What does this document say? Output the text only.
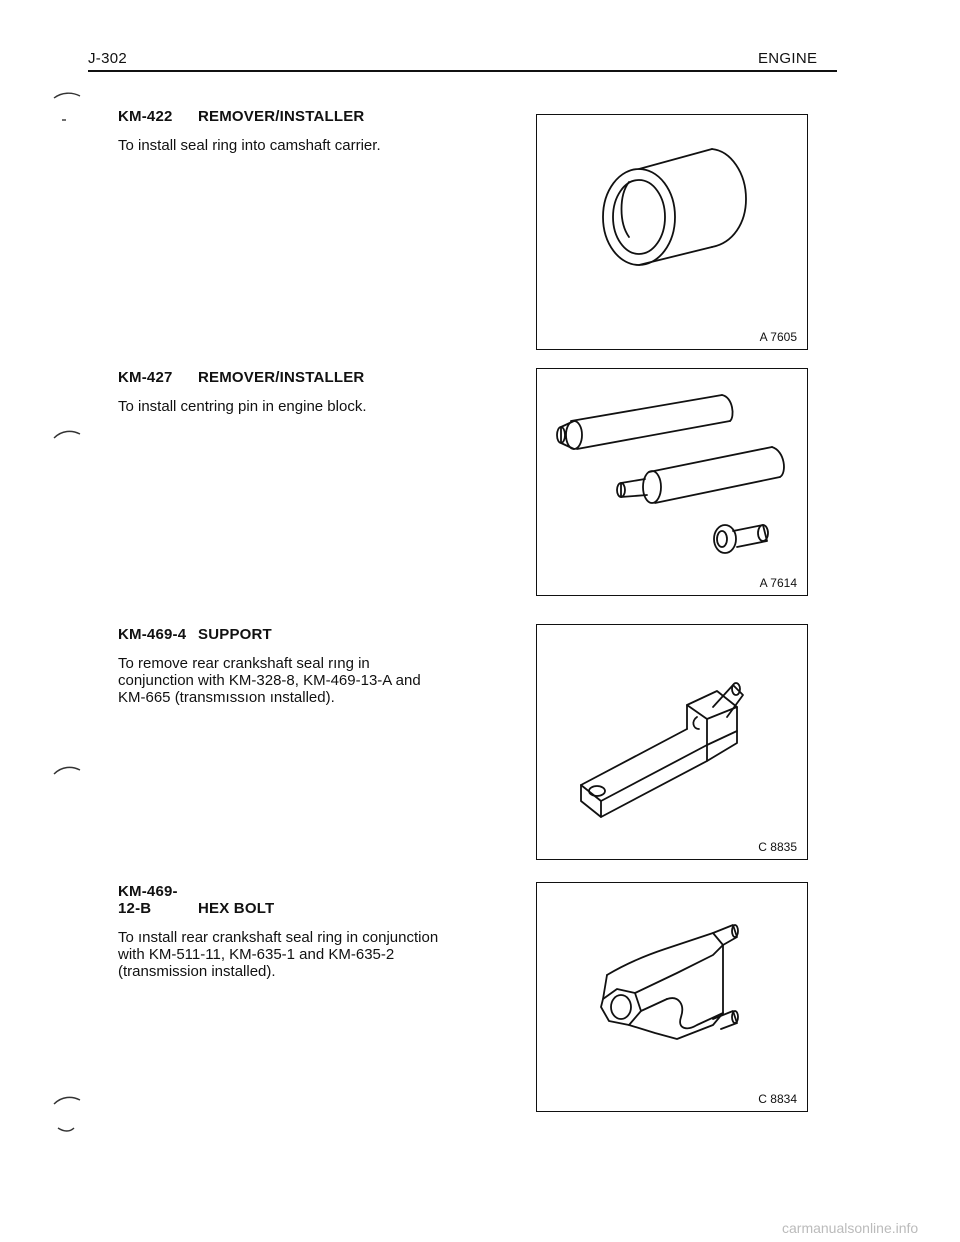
J-302	ENGINE
KM-422 REMOVER/INSTALLER

To install seal ring into camshaft carrier.

A 7605
KM-427 REMOVER/INSTALLER

To install centring pin in engine block.

A 7614
KM-469-4 SUPPORT

To remove rear crankshaft seal rıng in conjunction with KM-328-8, KM-469-13-A and KM-665 (transmıssıon ınstalled).

C 8835
KM-469-12-B	HEX BOLT

To ınstall rear crankshaft seal ring in conjunction with KM-511-11, KM-635-1 and KM-635-2 (transmission installed).

C 8834
carmanualsonline.info
